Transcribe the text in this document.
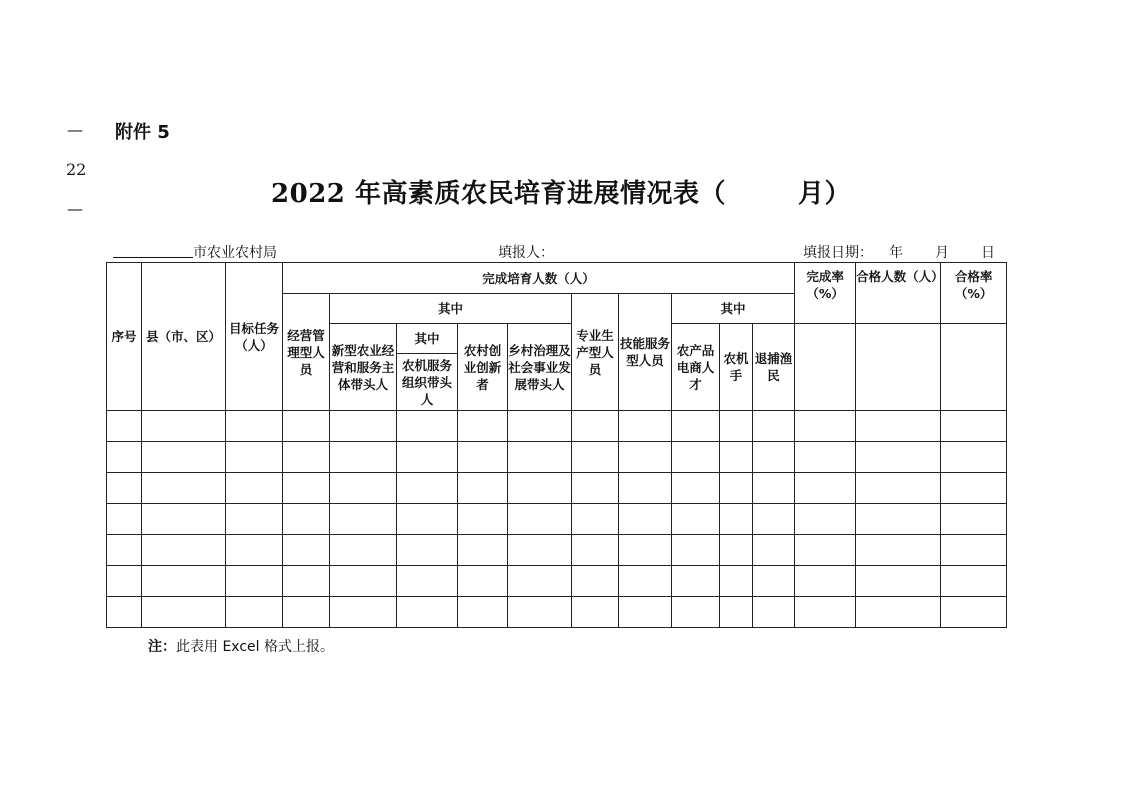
—
22
—
附件 5
2022 年高素质农民培育进展情况表（	月）
市农业农村局	填报人：	填报日期： 年 月 日
序号	县（市、区）	目标任务（人）	完成培育人数（人）										完成率（%）	合格人数（人）	合格率（%）
			经营管理型人员	其中				专业生产型人员	技能服务型人员	其中					
				新型农业经营和服务主体带头人	其中	农村创业创新者	乡村治理及社会事业发展带头人			农产品电商人才	农机手	退捕渔民			
					农机服务组织带头人										

注：此表用 Excel 格式上报。
